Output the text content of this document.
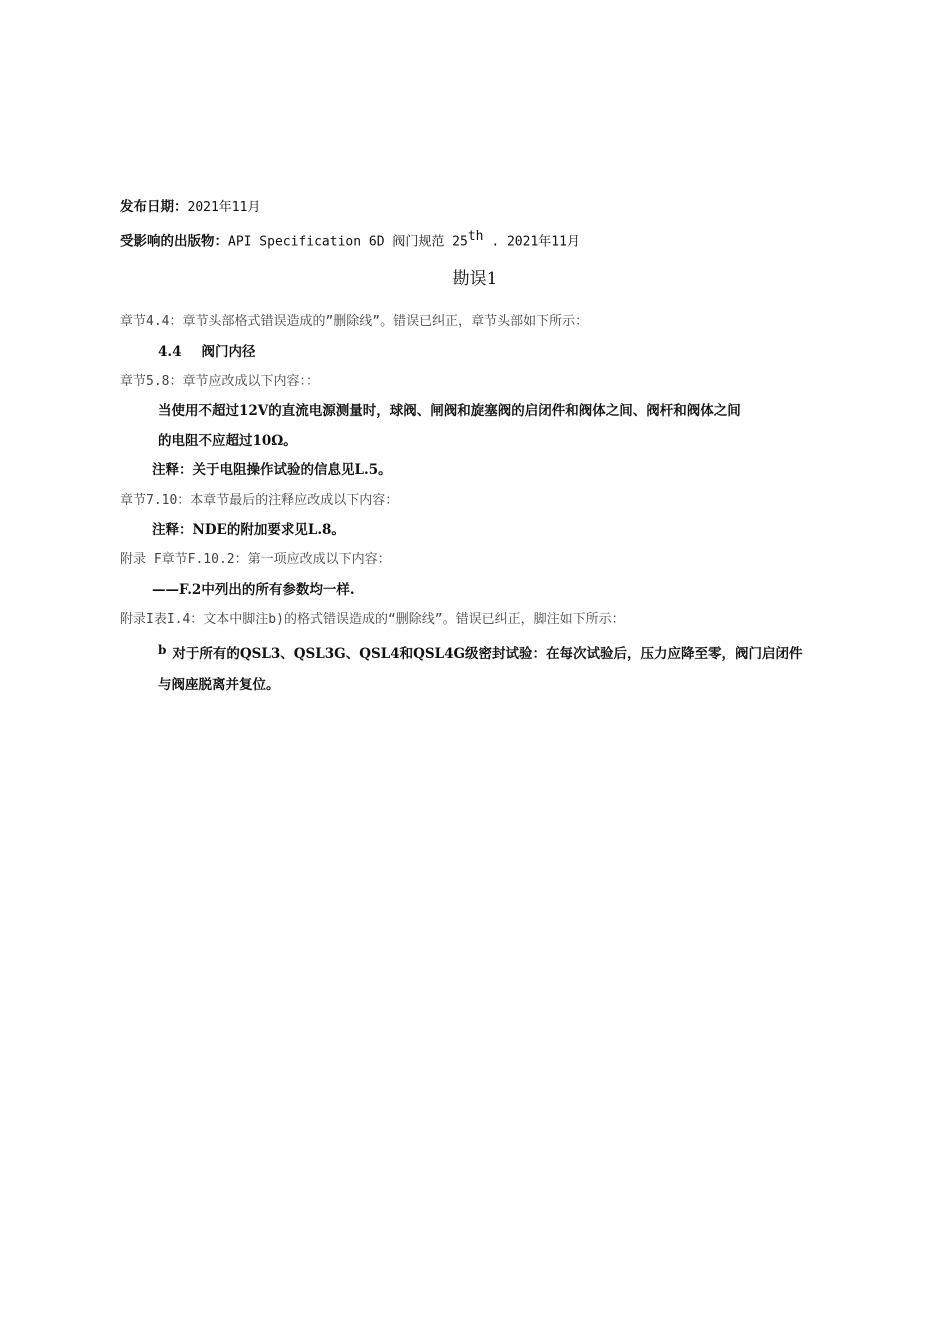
发布日期：2021年11月
受影响的出版物：API Specification 6D 阀门规范 25th . 2021年11月
勘误1
章节4.4：章节头部格式错误造成的”删除线”。错误已纠正，章节头部如下所示：
4.4 阀门内径
章节5.8：章节应改成以下内容：：
当使用不超过12V的直流电源测量时，球阀、闸阀和旋塞阀的启闭件和阀体之间、阀杆和阀体之间
的电阻不应超过10Ω。
注释：关于电阻操作试验的信息见L.5。
章节7.10：本章节最后的注释应改成以下内容：
注释：NDE的附加要求见L.8。
附录 F章节F.10.2：第一项应改成以下内容：
——F.2中列出的所有参数均一样.
附录I表I.4：文本中脚注b)的格式错误造成的“删除线”。错误已纠正，脚注如下所示：
b 对于所有的QSL3、QSL3G、QSL4和QSL4G级密封试验：在每次试验后，压力应降至零，阀门启闭件
与阀座脱离并复位。
